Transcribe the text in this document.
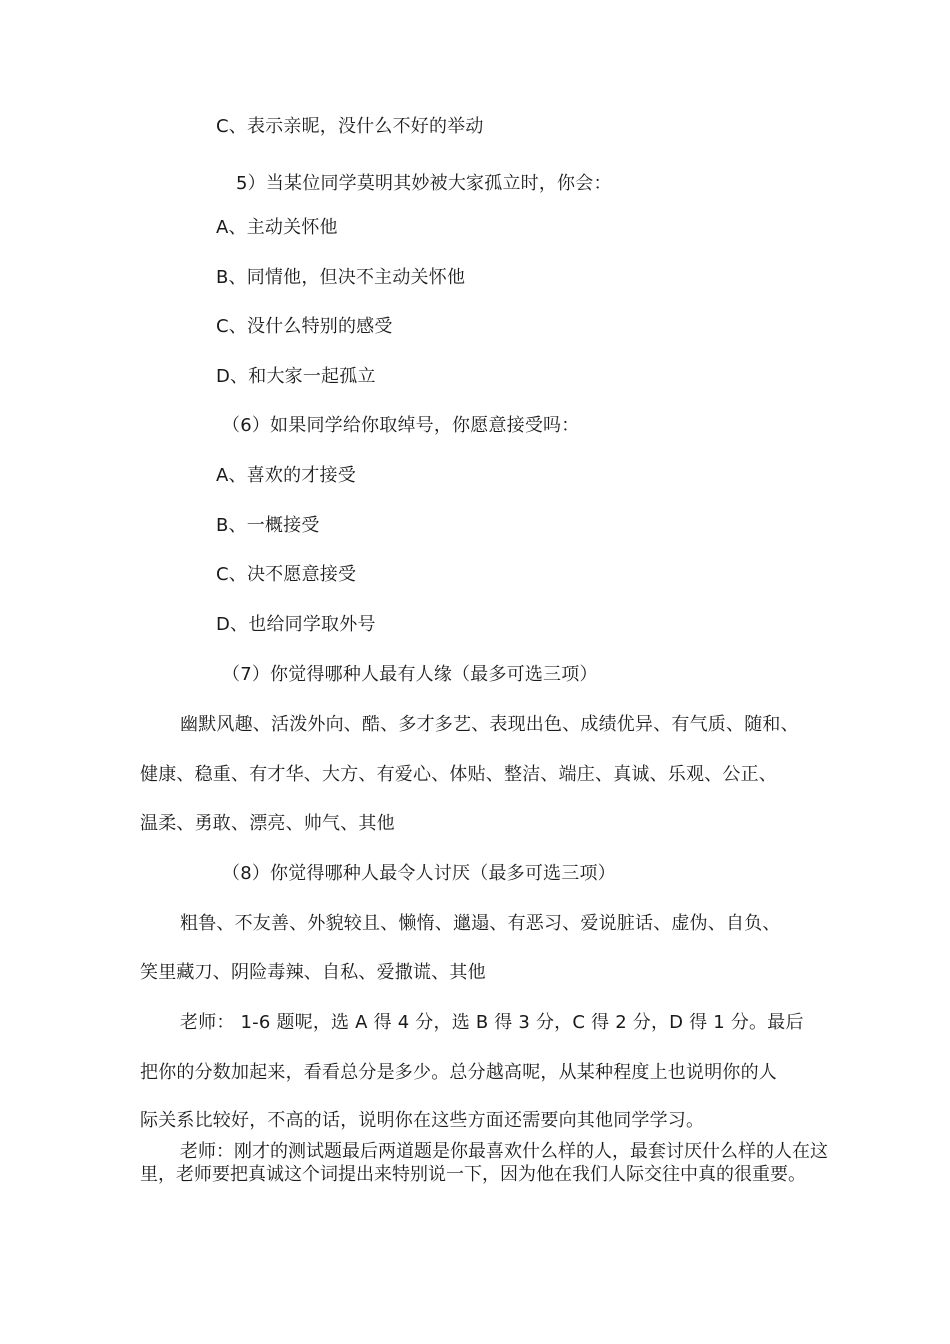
C、表示亲昵，没什么不好的举动
5）当某位同学莫明其妙被大家孤立时，你会：
A、主动关怀他
B、同情他，但决不主动关怀他
C、没什么特别的感受
D、和大家一起孤立
（6）如果同学给你取绰号，你愿意接受吗：
A、喜欢的才接受
B、一概接受
C、决不愿意接受
D、也给同学取外号
（7）你觉得哪种人最有人缘（最多可选三项）
幽默风趣、活泼外向、酷、多才多艺、表现出色、成绩优异、有气质、随和、
健康、稳重、有才华、大方、有爱心、体贴、整洁、端庄、真诚、乐观、公正、
温柔、勇敢、漂亮、帅气、其他
（8）你觉得哪种人最令人讨厌（最多可选三项）
粗鲁、不友善、外貌较且、懒惰、邋遢、有恶习、爱说脏话、虚伪、自负、
笑里藏刀、阴险毒辣、自私、爱撒谎、其他
老师： 1-6 题呢，选 A 得 4 分，选 B 得 3 分，C 得 2 分，D 得 1 分。最后
把你的分数加起来，看看总分是多少。总分越高呢，从某种程度上也说明你的人
际关系比较好，不高的话，说明你在这些方面还需要向其他同学学习。
老师：刚才的测试题最后两道题是你最喜欢什么样的人，最套讨厌什么样的人在这里，老师要把真诚这个词提出来特别说一下，因为他在我们人际交往中真的很重要。
